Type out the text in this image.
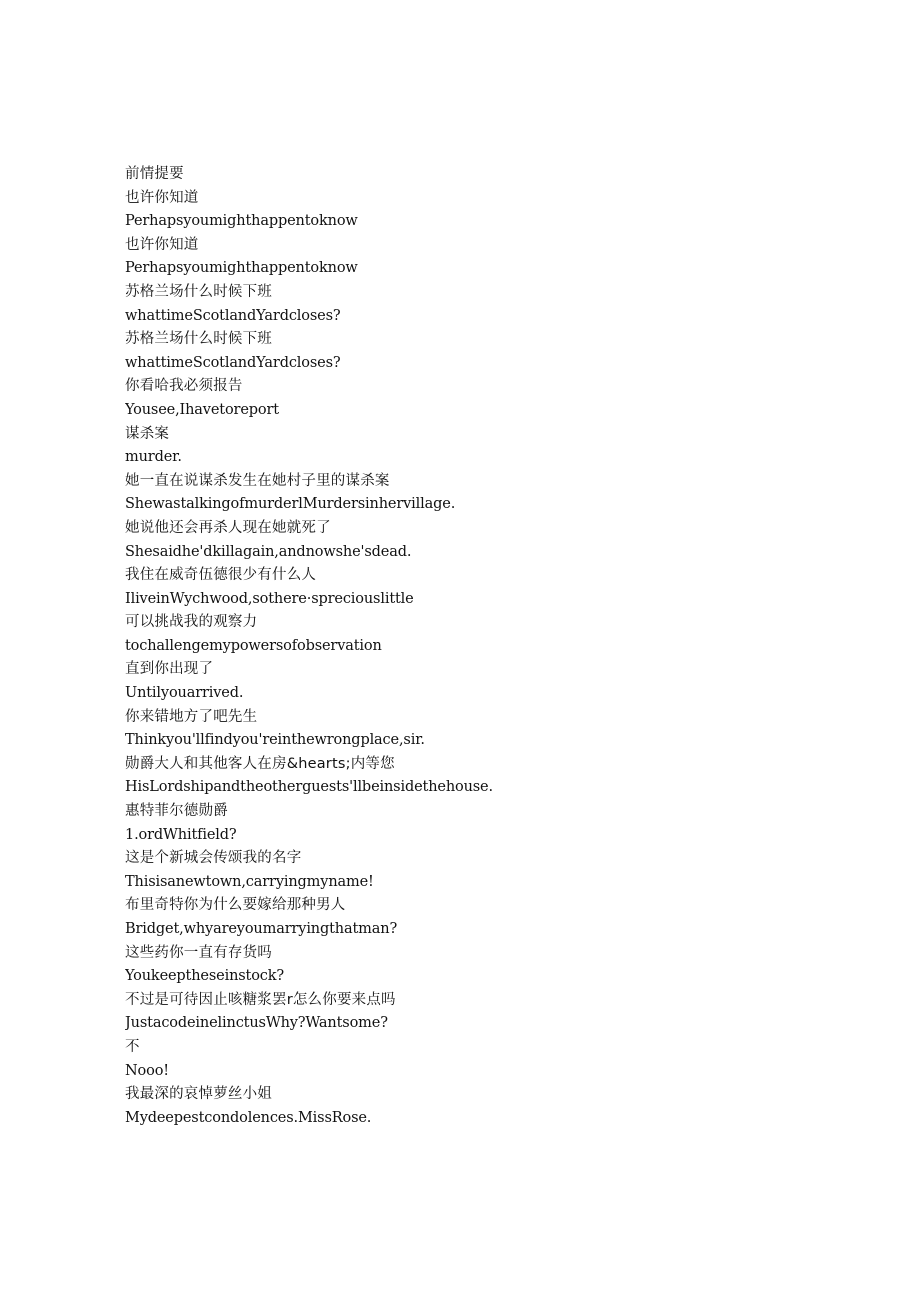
前情提要
也许你知道
Perhapsyoumighthappentoknow
也许你知道
Perhapsyoumighthappentoknow
苏格兰场什么时候下班
whattimeScotlandYardcloses?
苏格兰场什么时候下班
whattimeScotlandYardcloses?
你看哈我必须报告
Yousee,Ihavetoreport
谋杀案
murder.
她一直在说谋杀发生在她村子里的谋杀案
ShewastalkingofmurderlMurdersinhervillage.
她说他还会再杀人现在她就死了
Shesaidhe'dkillagain,andnowshe'sdead.
我住在威奇伍德很少有什么人
IliveinWychwood,sothere·spreciouslittle
可以挑战我的观察力
tochallengemypowersofobservation
直到你出现了
Untilyouarrived.
你来错地方了吧先生
Thinkyou'llfindyou'reinthewrongplace,sir.
勋爵大人和其他客人在房&hearts;内等您
HisLordshipandtheotherguests'llbeinsidethehouse.
惠特菲尔德勋爵
1.ordWhitfield?
这是个新城会传颂我的名字
Thisisanewtown,carryingmyname!
布里奇特你为什么要嫁给那种男人
Bridget,whyareyoumarryingthatman?
这些药你一直有存货吗
Youkeeptheseinstock?
不过是可待因止咳糖浆罢r怎么你要来点吗
JustacodeinelinctusWhy?Wantsome?
不
Nooo!
我最深的哀悼萝丝小姐
Mydeepestcondolences.MissRose.
